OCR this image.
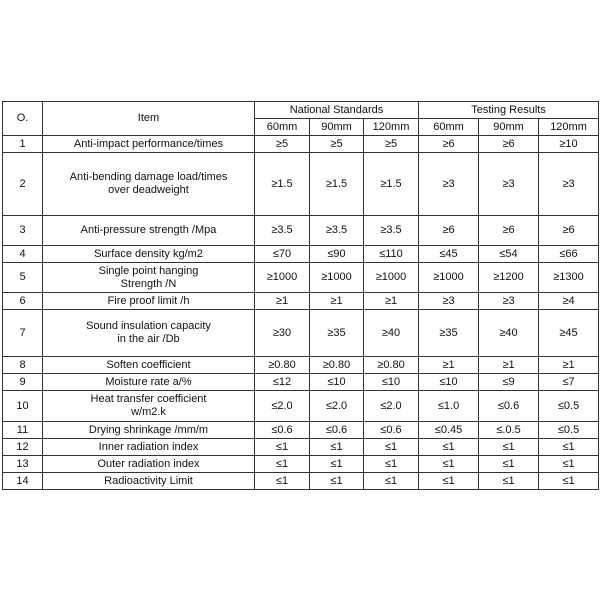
O.	Item	National Standards			Testing Results		
		60mm	90mm	120mm	60mm	90mm	120mm
1	Anti-impact performance/times	≥5	≥5	≥5	≥6	≥6	≥10
2	Anti-bending damage load/times
over deadweight	≥1.5	≥1.5	≥1.5	≥3	≥3	≥3
3	Anti-pressure strength /Mpa	≥3.5	≥3.5	≥3.5	≥6	≥6	≥6
4	Surface density kg/m2	≤70	≤90	≤110	≤45	≤54	≤66
5	Single point hanging
Strength /N	≥1000	≥1000	≥1000	≥1000	≥1200	≥1300
6	Fire proof limit /h	≥1	≥1	≥1	≥3	≥3	≥4
7	Sound insulation capacity
in the air /Db	≥30	≥35	≥40	≥35	≥40	≥45
8	Soften coefficient	≥0.80	≥0.80	≥0.80	≥1	≥1	≥1
9	Moisture rate a/%	≤12	≤10	≤10	≤10	≤9	≤7
10	Heat transfer coefficient
w/m2.k	≤2.0	≤2.0	≤2.0	≤1.0	≤0.6	≤0.5
11	Drying shrinkage /mm/m	≤0.6	≤0.6	≤0.6	≤0.45	≤.0.5	≤0.5
12	Inner radiation index	≤1	≤1	≤1	≤1	≤1	≤1
13	Outer radiation index	≤1	≤1	≤1	≤1	≤1	≤1
14	Radioactivity Limit	≤1	≤1	≤1	≤1	≤1	≤1
